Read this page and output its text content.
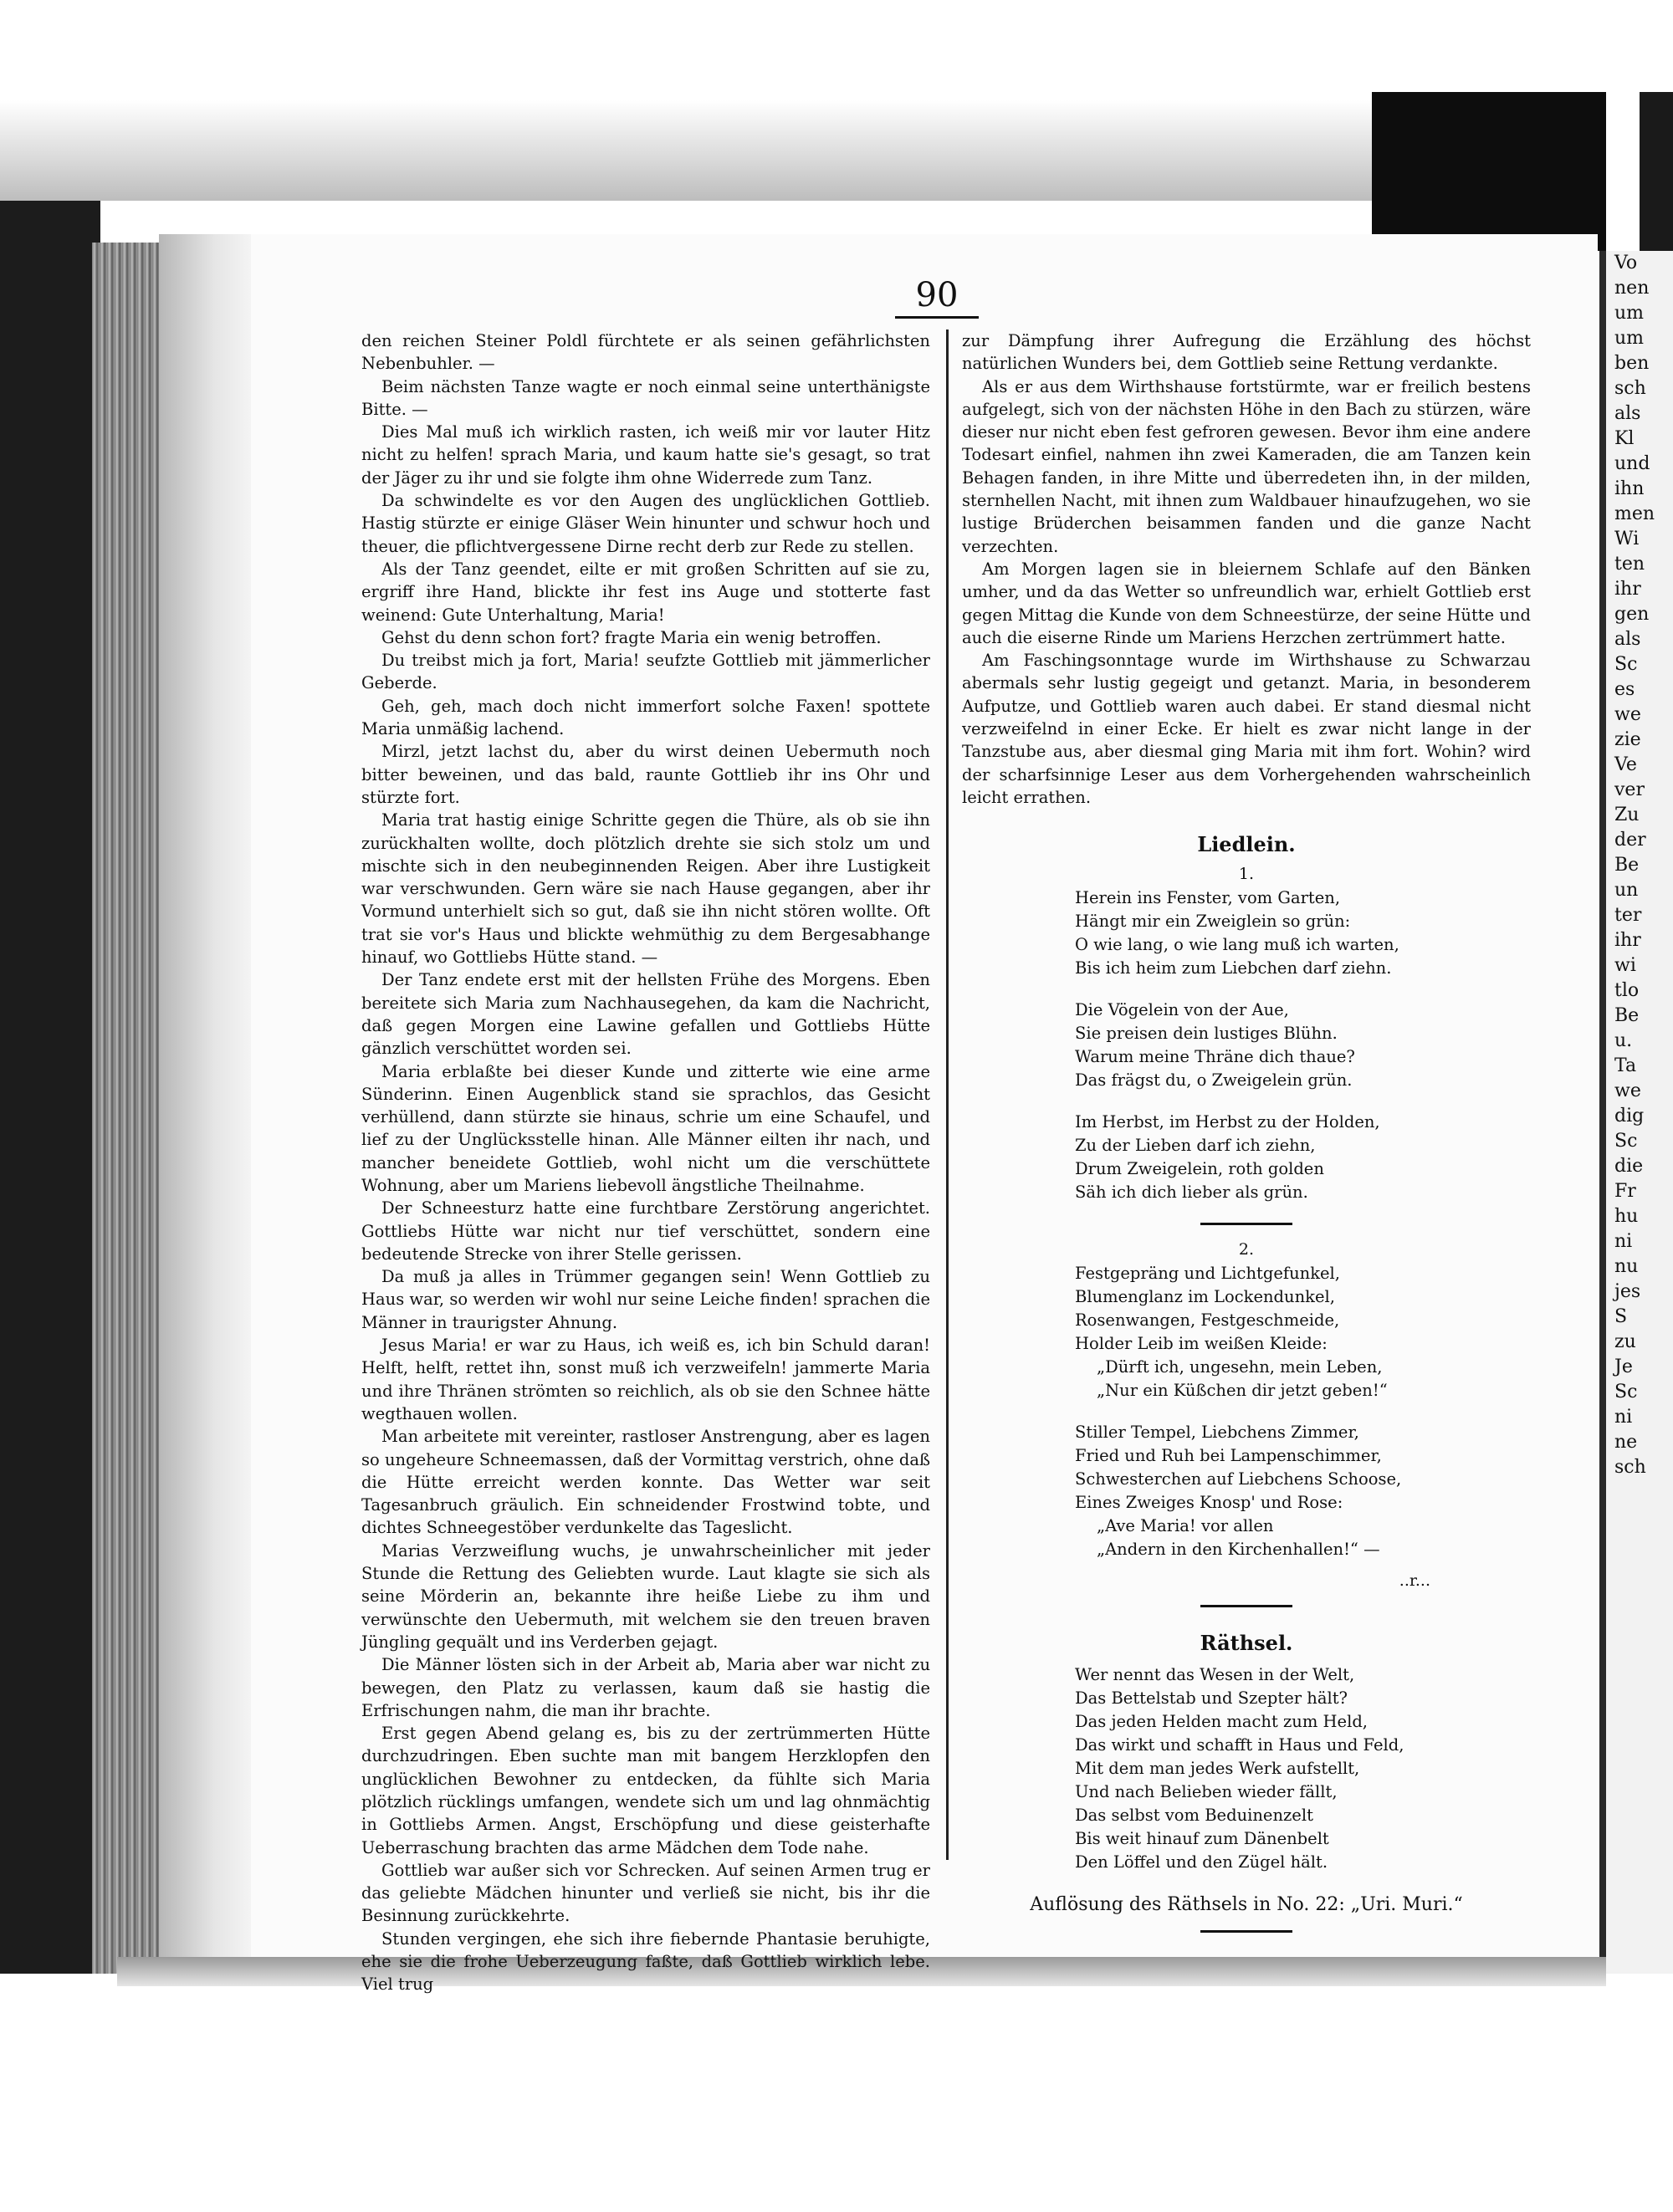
Vo
nen
um
um
ben
sch
als
Kl
und
ihn
men
Wi
ten
ihr
gen
als
Sc
es
we
zie
Ve
ver
Zu
der
Be
un
ter
ihr
wi
tlo
Be
u.
Ta
we
dig
Sc
die
Fr
hu
ni
nu
jes
S
zu
Je
Sc
ni
ne
sch
90

den reichen Steiner Poldl fürchtete er als seinen gefährlichsten Nebenbuhler. —

Beim nächsten Tanze wagte er noch einmal seine unterthänigste Bitte. —

Dies Mal muß ich wirklich rasten, ich weiß mir vor lauter Hitz nicht zu helfen! sprach Maria, und kaum hatte sie's gesagt, so trat der Jäger zu ihr und sie folgte ihm ohne Widerrede zum Tanz.

Da schwindelte es vor den Augen des unglücklichen Gottlieb. Hastig stürzte er einige Gläser Wein hinunter und schwur hoch und theuer, die pflichtvergessene Dirne recht derb zur Rede zu stellen.

Als der Tanz geendet, eilte er mit großen Schritten auf sie zu, ergriff ihre Hand, blickte ihr fest ins Auge und stotterte fast weinend: Gute Unterhaltung, Maria!

Gehst du denn schon fort? fragte Maria ein wenig betroffen.

Du treibst mich ja fort, Maria! seufzte Gottlieb mit jämmerlicher Geberde.

Geh, geh, mach doch nicht immerfort solche Faxen! spottete Maria unmäßig lachend.

Mirzl, jetzt lachst du, aber du wirst deinen Uebermuth noch bitter beweinen, und das bald, raunte Gottlieb ihr ins Ohr und stürzte fort.

Maria trat hastig einige Schritte gegen die Thüre, als ob sie ihn zurückhalten wollte, doch plötzlich drehte sie sich stolz um und mischte sich in den neubeginnenden Reigen. Aber ihre Lustigkeit war verschwunden. Gern wäre sie nach Hause gegangen, aber ihr Vormund unterhielt sich so gut, daß sie ihn nicht stören wollte. Oft trat sie vor's Haus und blickte wehmüthig zu dem Bergesabhange hinauf, wo Gottliebs Hütte stand. —

Der Tanz endete erst mit der hellsten Frühe des Morgens. Eben bereitete sich Maria zum Nachhausegehen, da kam die Nachricht, daß gegen Morgen eine Lawine gefallen und Gottliebs Hütte gänzlich verschüttet worden sei.

Maria erblaßte bei dieser Kunde und zitterte wie eine arme Sünderinn. Einen Augenblick stand sie sprachlos, das Gesicht verhüllend, dann stürzte sie hinaus, schrie um eine Schaufel, und lief zu der Unglücksstelle hinan. Alle Männer eilten ihr nach, und mancher beneidete Gottlieb, wohl nicht um die verschüttete Wohnung, aber um Mariens liebevoll ängstliche Theilnahme.

Der Schneesturz hatte eine furchtbare Zerstörung angerichtet. Gottliebs Hütte war nicht nur tief verschüttet, sondern eine bedeutende Strecke von ihrer Stelle gerissen.

Da muß ja alles in Trümmer gegangen sein! Wenn Gottlieb zu Haus war, so werden wir wohl nur seine Leiche finden! sprachen die Männer in traurigster Ahnung.

Jesus Maria! er war zu Haus, ich weiß es, ich bin Schuld daran! Helft, helft, rettet ihn, sonst muß ich verzweifeln! jammerte Maria und ihre Thränen strömten so reichlich, als ob sie den Schnee hätte wegthauen wollen.

Man arbeitete mit vereinter, rastloser Anstrengung, aber es lagen so ungeheure Schneemassen, daß der Vormittag verstrich, ohne daß die Hütte erreicht werden konnte. Das Wetter war seit Tagesanbruch gräulich. Ein schneidender Frostwind tobte, und dichtes Schneegestöber verdunkelte das Tageslicht.

Marias Verzweiflung wuchs, je unwahrscheinlicher mit jeder Stunde die Rettung des Geliebten wurde. Laut klagte sie sich als seine Mörderin an, bekannte ihre heiße Liebe zu ihm und verwünschte den Uebermuth, mit welchem sie den treuen braven Jüngling gequält und ins Verderben gejagt.

Die Männer lösten sich in der Arbeit ab, Maria aber war nicht zu bewegen, den Platz zu verlassen, kaum daß sie hastig die Erfrischungen nahm, die man ihr brachte.

Erst gegen Abend gelang es, bis zu der zertrümmerten Hütte durchzudringen. Eben suchte man mit bangem Herzklopfen den unglücklichen Bewohner zu entdecken, da fühlte sich Maria plötzlich rücklings umfangen, wendete sich um und lag ohnmächtig in Gottliebs Armen. Angst, Erschöpfung und diese geisterhafte Ueberraschung brachten das arme Mädchen dem Tode nahe.

Gottlieb war außer sich vor Schrecken. Auf seinen Armen trug er das geliebte Mädchen hinunter und verließ sie nicht, bis ihr die Besinnung zurückkehrte.

Stunden vergingen, ehe sich ihre fiebernde Phantasie beruhigte, ehe sie die frohe Ueberzeugung faßte, daß Gottlieb wirklich lebe. Viel trug

zur Dämpfung ihrer Aufregung die Erzählung des höchst natürlichen Wunders bei, dem Gottlieb seine Rettung verdankte.

Als er aus dem Wirthshause fortstürmte, war er freilich bestens aufgelegt, sich von der nächsten Höhe in den Bach zu stürzen, wäre dieser nur nicht eben fest gefroren gewesen. Bevor ihm eine andere Todesart einfiel, nahmen ihn zwei Kameraden, die am Tanzen kein Behagen fanden, in ihre Mitte und überredeten ihn, in der milden, sternhellen Nacht, mit ihnen zum Waldbauer hinaufzugehen, wo sie lustige Brüderchen beisammen fanden und die ganze Nacht verzechten.

Am Morgen lagen sie in bleiernem Schlafe auf den Bänken umher, und da das Wetter so unfreundlich war, erhielt Gottlieb erst gegen Mittag die Kunde von dem Schneestürze, der seine Hütte und auch die eiserne Rinde um Mariens Herzchen zertrümmert hatte.

Am Faschingsonntage wurde im Wirthshause zu Schwarzau abermals sehr lustig gegeigt und getanzt. Maria, in besonderem Aufputze, und Gottlieb waren auch dabei. Er stand diesmal nicht verzweifelnd in einer Ecke. Er hielt es zwar nicht lange in der Tanzstube aus, aber diesmal ging Maria mit ihm fort. Wohin? wird der scharfsinnige Leser aus dem Vorhergehenden wahrscheinlich leicht errathen.

Liedlein.
1.
Herein ins Fenster, vom Garten,
Hängt mir ein Zweiglein so grün:
O wie lang, o wie lang muß ich warten,
Bis ich heim zum Liebchen darf ziehn.
Die Vögelein von der Aue,
Sie preisen dein lustiges Blühn.
Warum meine Thräne dich thaue?
Das frägst du, o Zweigelein grün.
Im Herbst, im Herbst zu der Holden,
Zu der Lieben darf ich ziehn,
Drum Zweigelein, roth golden
Säh ich dich lieber als grün.
2.
Festgepräng und Lichtgefunkel,
Blumenglanz im Lockendunkel,
Rosenwangen, Festgeschmeide,
Holder Leib im weißen Kleide:
„Dürft ich, ungesehn, mein Leben,
„Nur ein Küßchen dir jetzt geben!“
Stiller Tempel, Liebchens Zimmer,
Fried und Ruh bei Lampenschimmer,
Schwesterchen auf Liebchens Schoose,
Eines Zweiges Knosp' und Rose:
„Ave Maria! vor allen
„Andern in den Kirchenhallen!“ —
..r...
Räthsel.
Wer nennt das Wesen in der Welt,
Das Bettelstab und Szepter hält?
Das jeden Helden macht zum Held,
Das wirkt und schafft in Haus und Feld,
Mit dem man jedes Werk aufstellt,
Und nach Belieben wieder fällt,
Das selbst vom Beduinenzelt
Bis weit hinauf zum Dänenbelt
Den Löffel und den Zügel hält.
Auflösung des Räthsels in No. 22: „Uri. Muri.“
